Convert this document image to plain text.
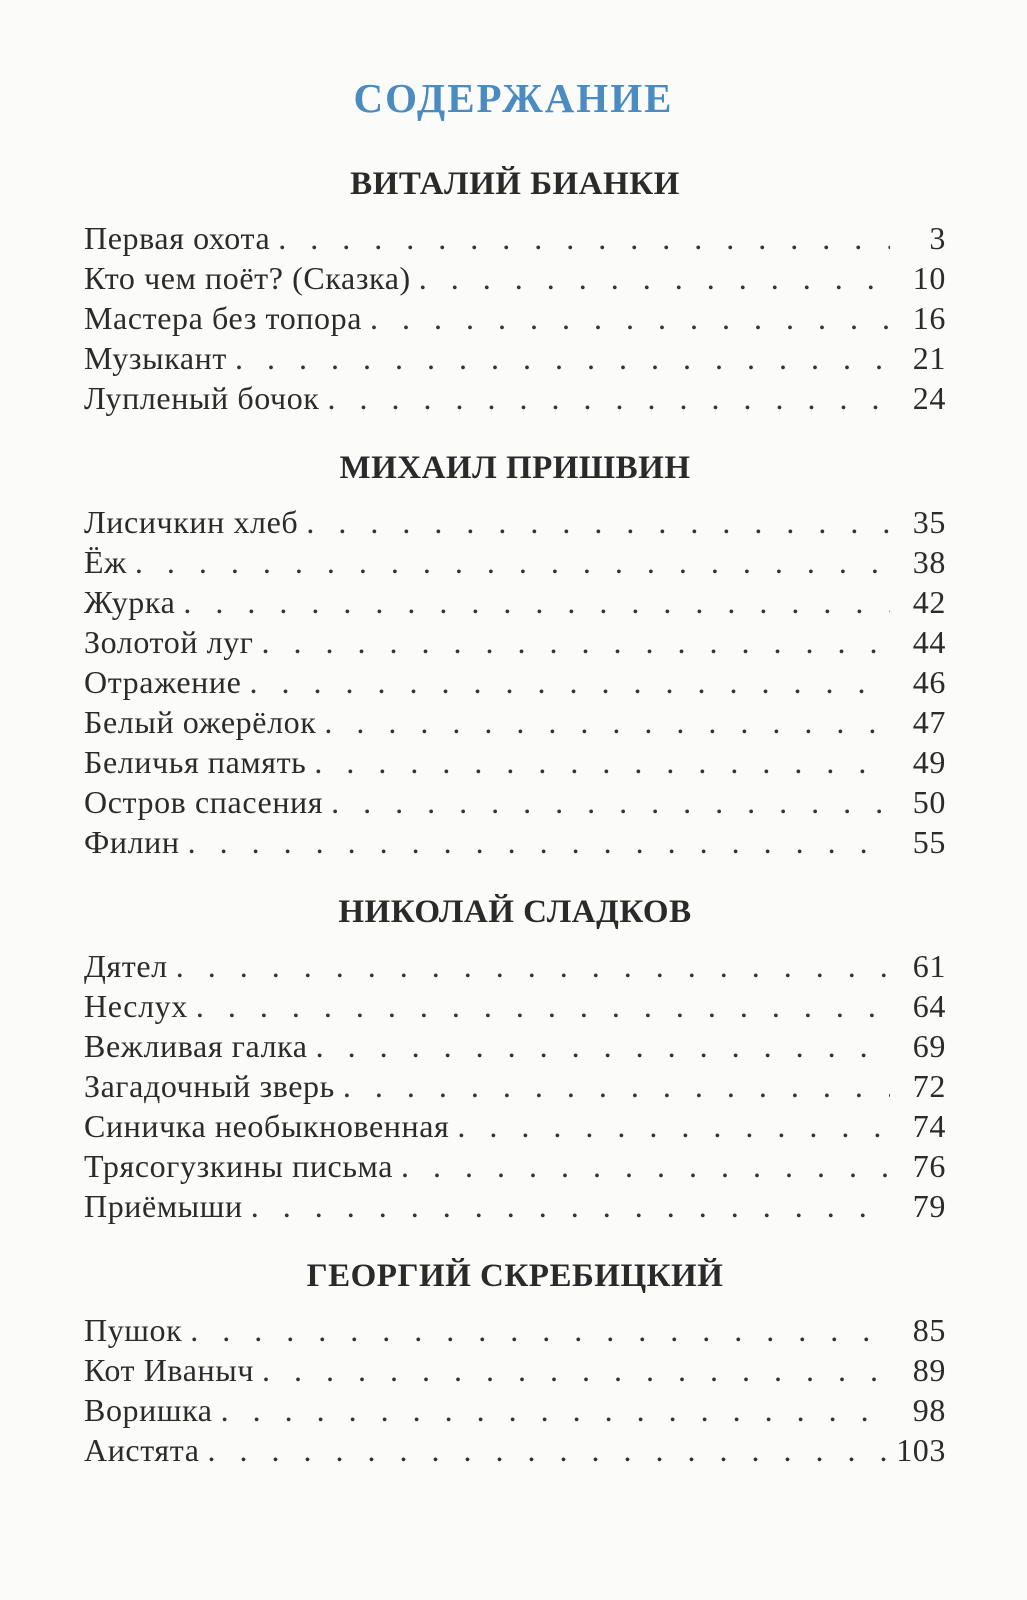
СОДЕРЖАНИЕ
ВИТАЛИЙ БИАНКИ
Первая охота . . .	3
Кто чем поёт? (Сказка) . . .	10
Мастера без топора . . .	16
Музыкант . . .	21
Лупленый бочок . . .	24
МИХАИЛ ПРИШВИН
Лисичкин хлеб . . .	35
Ёж . . .	38
Журка . . .	42
Золотой луг . . .	44
Отражение . . .	46
Белый ожерёлок . . .	47
Беличья память . . .	49
Остров спасения . . .	50
Филин . . .	55
НИКОЛАЙ СЛАДКОВ
Дятел . . .	61
Неслух . . .	64
Вежливая галка . . .	69
Загадочный зверь . . .	72
Синичка необыкновенная . . .	74
Трясогузкины письма . . .	76
Приёмыши . . .	79
ГЕОРГИЙ СКРЕБИЦКИЙ
Пушок . . .	85
Кот Иваныч . . .	89
Воришка . . .	98
Аистята . . .	103
